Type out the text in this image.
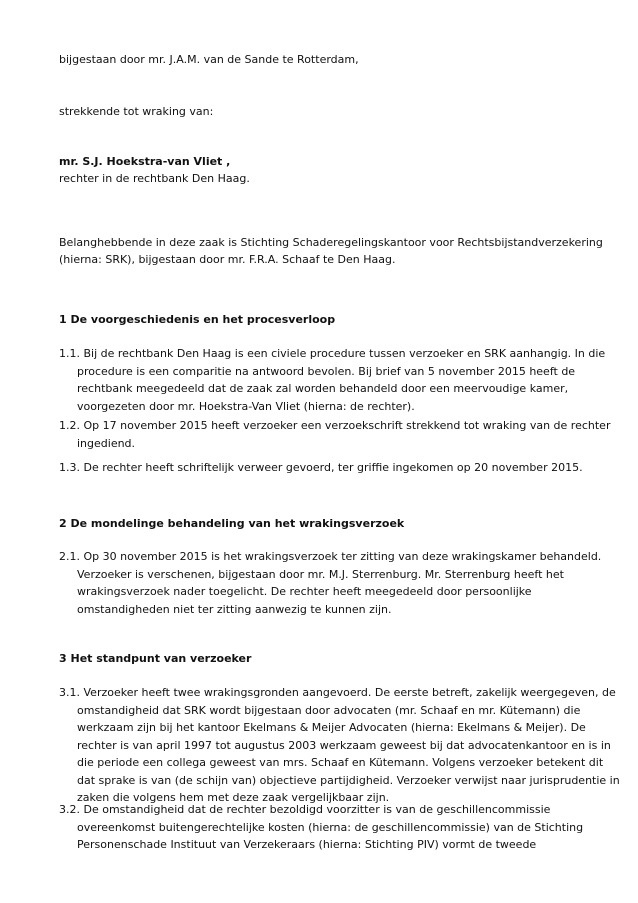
bijgestaan door mr. J.A.M. van de Sande te Rotterdam,
strekkende tot wraking van:
mr. S.J. Hoekstra-van Vliet ,
rechter in de rechtbank Den Haag.
Belanghebbende in deze zaak is Stichting Schaderegelingskantoor voor Rechtsbijstandverzekering
(hierna: SRK), bijgestaan door mr. F.R.A. Schaaf te Den Haag.
1 De voorgeschiedenis en het procesverloop
1.1. Bij de rechtbank Den Haag is een civiele procedure tussen verzoeker en SRK aanhangig. In die
procedure is een comparitie na antwoord bevolen. Bij brief van 5 november 2015 heeft de
rechtbank meegedeeld dat de zaak zal worden behandeld door een meervoudige kamer,
voorgezeten door mr. Hoekstra-Van Vliet (hierna: de rechter).
1.2. Op 17 november 2015 heeft verzoeker een verzoekschrift strekkend tot wraking van de rechter
ingediend.
1.3. De rechter heeft schriftelijk verweer gevoerd, ter griffie ingekomen op 20 november 2015.
2 De mondelinge behandeling van het wrakingsverzoek
2.1. Op 30 november 2015 is het wrakingsverzoek ter zitting van deze wrakingskamer behandeld.
Verzoeker is verschenen, bijgestaan door mr. M.J. Sterrenburg. Mr. Sterrenburg heeft het
wrakingsverzoek nader toegelicht. De rechter heeft meegedeeld door persoonlijke
omstandigheden niet ter zitting aanwezig te kunnen zijn.
3 Het standpunt van verzoeker
3.1. Verzoeker heeft twee wrakingsgronden aangevoerd. De eerste betreft, zakelijk weergegeven, de
omstandigheid dat SRK wordt bijgestaan door advocaten (mr. Schaaf en mr. Kütemann) die
werkzaam zijn bij het kantoor Ekelmans & Meijer Advocaten (hierna: Ekelmans & Meijer). De
rechter is van april 1997 tot augustus 2003 werkzaam geweest bij dat advocatenkantoor en is in
die periode een collega geweest van mrs. Schaaf en Kütemann. Volgens verzoeker betekent dit
dat sprake is van (de schijn van) objectieve partijdigheid. Verzoeker verwijst naar jurisprudentie in
zaken die volgens hem met deze zaak vergelijkbaar zijn.
3.2. De omstandigheid dat de rechter bezoldigd voorzitter is van de geschillencommissie
overeenkomst buitengerechtelijke kosten (hierna: de geschillencommissie) van de Stichting
Personenschade Instituut van Verzekeraars (hierna: Stichting PIV) vormt de tweede
